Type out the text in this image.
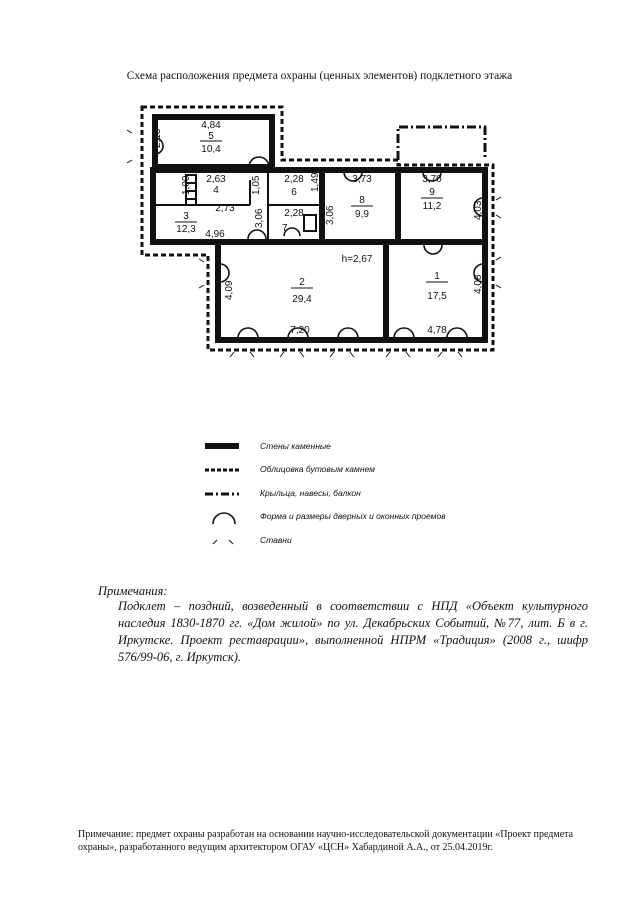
Схема расположения предмета охраны (ценных элементов) подклетного этажа
4,84
5
10,4
2,13
2,63
4
2,73
1,00
3
12,3 4,96
1,05
3,06
2,28
6
1,49
2,28
7
3,06
3,73
8
9,9
3,70
9
11,2	4,03
h=2,67
2
29,4
4,09
7,20
1
17,5
4,08
4,78
Стены каменные
Облицовка бутовым камнем
Крыльца, навесы, балкон
Форма и размеры дверных и оконных проемов
Ставни
Примечания:
Подклет – поздний, возведенный в соответствии с НПД «Объект культурного наследия 1830-1870 гг. «Дом жилой» по ул. Декабрьских Событий, №77, лит. Б в г. Иркутске. Проект реставрации», выполненной НПРМ «Традиция» (2008 г., шифр 576/99-06, г. Иркутск).
Примечание: предмет охраны разработан на основании научно-исследовательской документации «Проект предмета охраны», разработанного ведущим архитектором ОГАУ «ЦСН» Хабардиной А.А., от 25.04.2019г.
